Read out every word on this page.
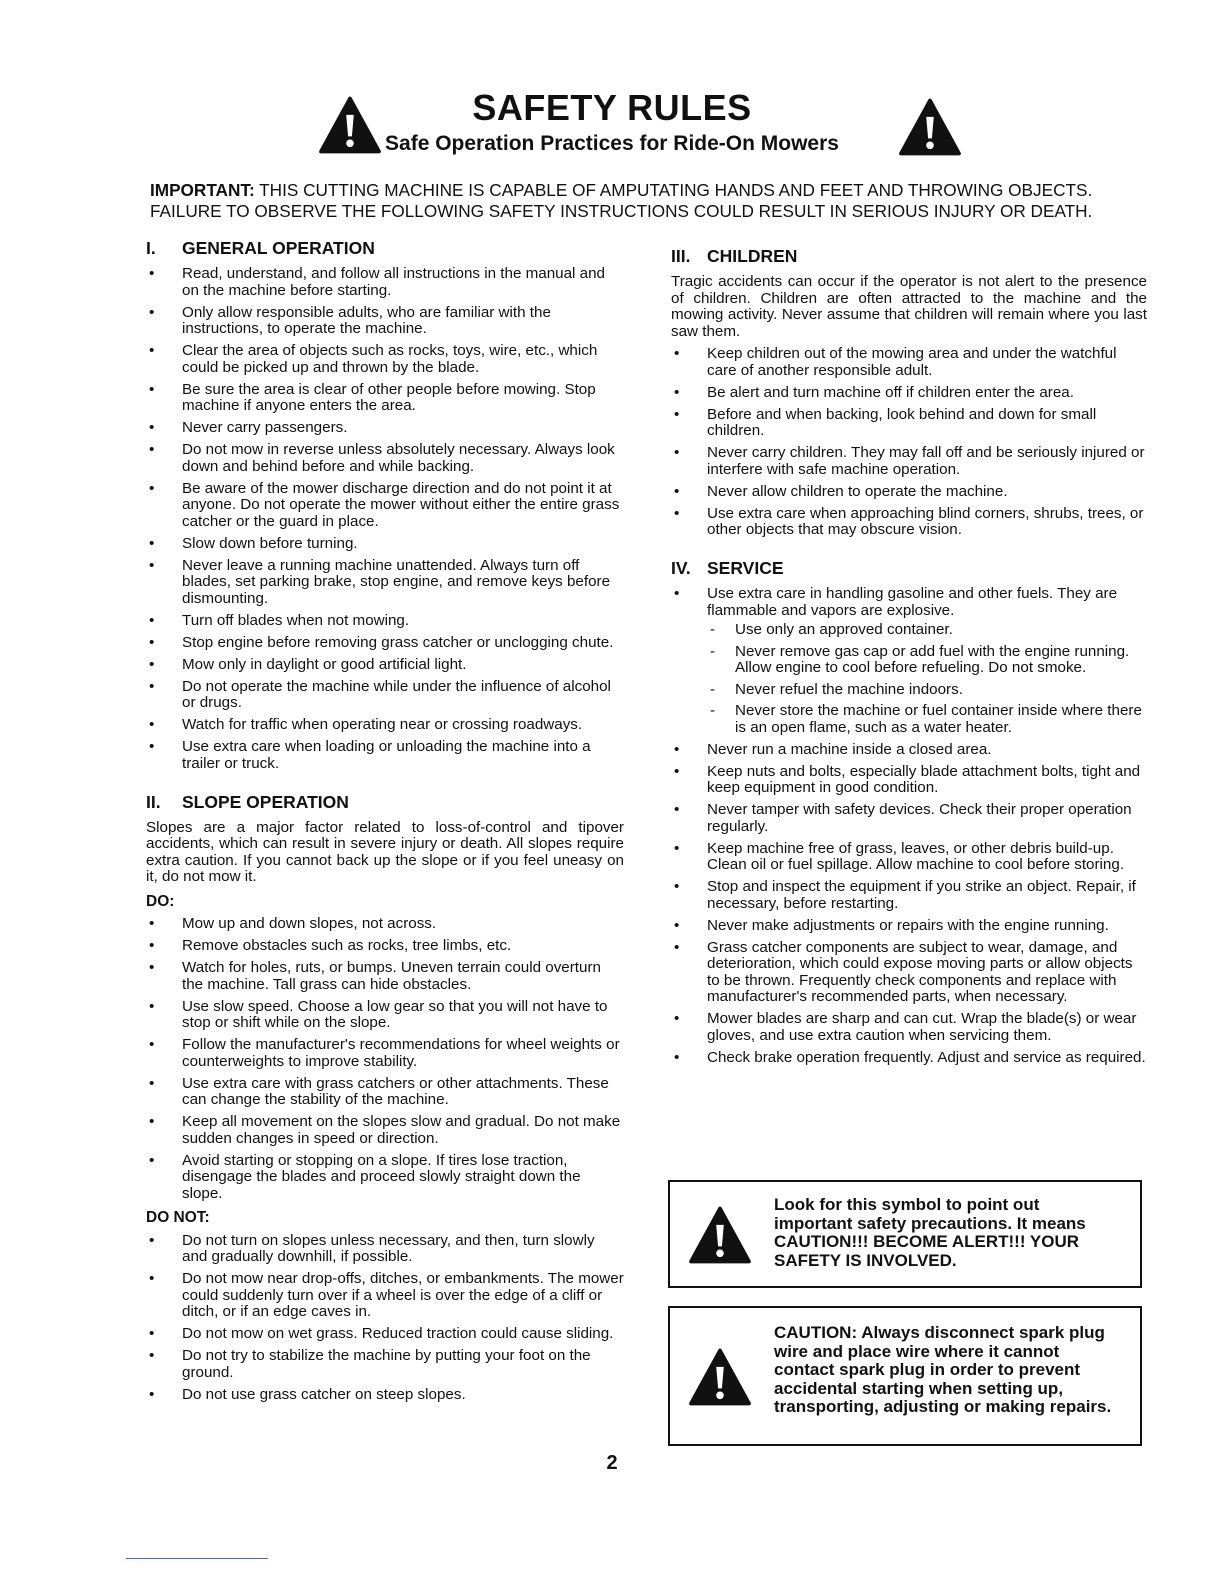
SAFETY RULES
Safe Operation Practices for Ride-On Mowers
IMPORTANT: THIS CUTTING MACHINE IS CAPABLE OF AMPUTATING HANDS AND FEET AND THROWING OBJECTS.
FAILURE TO OBSERVE THE FOLLOWING SAFETY INSTRUCTIONS COULD RESULT IN SERIOUS INJURY OR DEATH.
I.	GENERAL OPERATION
• Read, understand, and follow all instructions in the manual and on the machine before starting.
• Only allow responsible adults, who are familiar with the instructions, to operate the machine.
• Clear the area of objects such as rocks, toys, wire, etc., which could be picked up and thrown by the blade.
• Be sure the area is clear of other people before mowing. Stop machine if anyone enters the area.
• Never carry passengers.
• Do not mow in reverse unless absolutely necessary. Always look down and behind before and while backing.
• Be aware of the mower discharge direction and do not point it at anyone. Do not operate the mower without either the entire grass catcher or the guard in place.
• Slow down before turning.
• Never leave a running machine unattended. Always turn off blades, set parking brake, stop engine, and remove keys before dismounting.
• Turn off blades when not mowing.
• Stop engine before removing grass catcher or unclogging chute.
• Mow only in daylight or good artificial light.
• Do not operate the machine while under the influence of alcohol or drugs.
• Watch for traffic when operating near or crossing roadways.
• Use extra care when loading or unloading the machine into a trailer or truck.
II.	SLOPE OPERATION

Slopes are a major factor related to loss-of-control and tipover accidents, which can result in severe injury or death. All slopes require extra caution. If you cannot back up the slope or if you feel uneasy on it, do not mow it.

DO:
• Mow up and down slopes, not across.
• Remove obstacles such as rocks, tree limbs, etc.
• Watch for holes, ruts, or bumps. Uneven terrain could overturn the machine. Tall grass can hide obstacles.
• Use slow speed. Choose a low gear so that you will not have to stop or shift while on the slope.
• Follow the manufacturer's recommendations for wheel weights or counterweights to improve stability.
• Use extra care with grass catchers or other attachments. These can change the stability of the machine.
• Keep all movement on the slopes slow and gradual. Do not make sudden changes in speed or direction.
• Avoid starting or stopping on a slope. If tires lose traction, disengage the blades and proceed slowly straight down the slope.
DO NOT:
• Do not turn on slopes unless necessary, and then, turn slowly and gradually downhill, if possible.
• Do not mow near drop-offs, ditches, or embankments. The mower could suddenly turn over if a wheel is over the edge of a cliff or ditch, or if an edge caves in.
• Do not mow on wet grass. Reduced traction could cause sliding.
• Do not try to stabilize the machine by putting your foot on the ground.
• Do not use grass catcher on steep slopes.
III. CHILDREN

Tragic accidents can occur if the operator is not alert to the presence of children. Children are often attracted to the machine and the mowing activity. Never assume that children will remain where you last saw them.

• Keep children out of the mowing area and under the watchful care of another responsible adult.
• Be alert and turn machine off if children enter the area.
• Before and when backing, look behind and down for small children.
• Never carry children. They may fall off and be seriously injured or interfere with safe machine operation.
• Never allow children to operate the machine.
• Use extra care when approaching blind corners, shrubs, trees, or other objects that may obscure vision.
IV. SERVICE
• Use extra care in handling gasoline and other fuels. They are flammable and vapors are explosive.
- Use only an approved container.
- Never remove gas cap or add fuel with the engine running. Allow engine to cool before refueling. Do not smoke.
- Never refuel the machine indoors.
- Never store the machine or fuel container inside where there is an open flame, such as a water heater.
• Never run a machine inside a closed area.
• Keep nuts and bolts, especially blade attachment bolts, tight and keep equipment in good condition.
• Never tamper with safety devices. Check their proper operation regularly.
• Keep machine free of grass, leaves, or other debris build-up. Clean oil or fuel spillage. Allow machine to cool before storing.
• Stop and inspect the equipment if you strike an object. Repair, if necessary, before restarting.
• Never make adjustments or repairs with the engine running.
• Grass catcher components are subject to wear, damage, and deterioration, which could expose moving parts or allow objects to be thrown. Frequently check components and replace with manufacturer's recommended parts, when necessary.
• Mower blades are sharp and can cut. Wrap the blade(s) or wear gloves, and use extra caution when servicing them.
• Check brake operation frequently. Adjust and service as required.
Look for this symbol to point out important safety precautions. It means CAUTION!!! BECOME ALERT!!! YOUR SAFETY IS INVOLVED.
CAUTION: Always disconnect spark plug wire and place wire where it cannot contact spark plug in order to prevent accidental starting when setting up, transporting, adjusting or making repairs.
2
